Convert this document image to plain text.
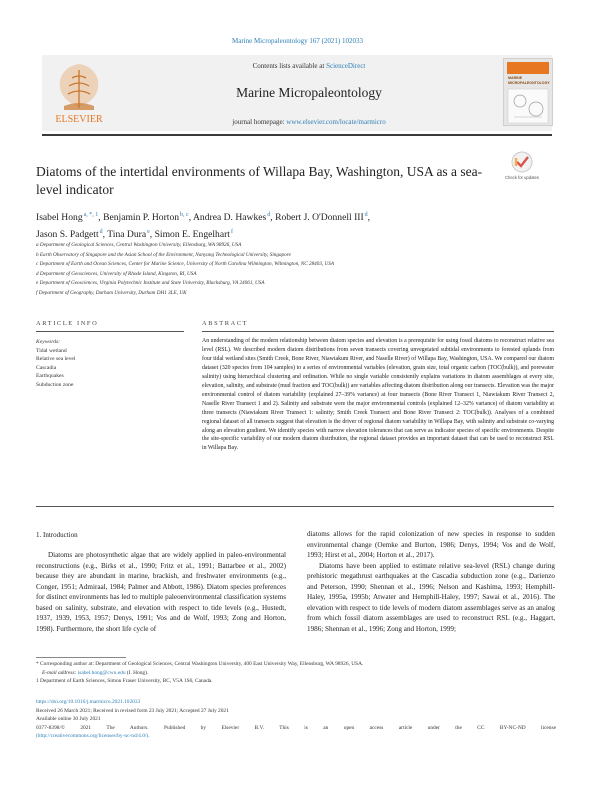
Marine Micropaleontology 167 (2021) 102033
ELSEVIER
Contents lists available at ScienceDirect
Marine Micropaleontology
journal homepage: www.elsevier.com/locate/marmicro
MARINE MICROPALEONTOLOGY
Diatoms of the intertidal environments of Willapa Bay, Washington, USA as a sea-level indicator
Check for updates
Isabel Hong$^{a, *, 1}$, Benjamin P. Horton$^{b, c}$, Andrea D. Hawkes$^d$, Robert J. O'Donnell III$^d$,
Jason S. Padgett$^d$, Tina Dura$^e$, Simon E. Engelhart$^f$
a Department of Geological Sciences, Central Washington University, Ellensburg, WA 98926, USA
b Earth Observatory of Singapore and the Asian School of the Environment, Nanyang Technological University, Singapore
c Department of Earth and Ocean Sciences, Center for Marine Science, University of North Carolina Wilmington, Wilmington, NC 28403, USA
d Department of Geosciences, University of Rhode Island, Kingston, RI, USA
e Department of Geosciences, Virginia Polytechnic Institute and State University, Blacksburg, VA 24061, USA
f Department of Geography, Durham University, Durham DH1 3LE, UK
ARTICLE INFO	ABSTRACT
Keywords:
Tidal wetland
Relative sea level
Cascadia
Earthquakes
Subduction zone
An understanding of the modern relationship between diatom species and elevation is a prerequisite for using fossil diatoms to reconstruct relative sea level (RSL). We described modern diatom distributions from seven transects covering unvegetated subtidal environments to forested uplands from four tidal wetland sites (Smith Creek, Bone River, Niawiakum River, and Naselle River) of Willapa Bay, Washington, USA. We compared our diatom dataset (320 species from 104 samples) to a series of environmental variables (elevation, grain size, total organic carbon (TOC(bulk)), and porewater salinity) using hierarchical clustering and ordination. While no single variable consistently explains variations in diatom assemblages at every site, elevation, salinity, and substrate (mud fraction and TOC(bulk)) are variables affecting diatom distribution along our transects. Elevation was the major environmental control of diatom variability (explained 27–39% variance) at four transects (Bone River Transect 1, Niawiakum River Transect 2, Naselle River Transect 1 and 2). Salinity and substrate were the major environmental controls (explained 12–32% variance) of diatom variability at three transects (Niawiakum River Transect 1: salinity; Smith Creek Transect and Bone River Transect 2: TOC(bulk)). Analyses of a combined regional dataset of all transects suggest that elevation is the driver of regional diatom variability in Willapa Bay, with salinity and substrate co-varying along an elevation gradient. We identify species with narrow elevation tolerances that can serve as indicator species of specific environments. Despite the site-specific variability of our modern diatom distribution, the regional dataset provides an important dataset that can be used to reconstruct RSL in Willapa Bay.
1. Introduction

Diatoms are photosynthetic algae that are widely applied in paleo-environmental reconstructions (e.g., Birks et al., 1990; Fritz et al., 1991; Battarbee et al., 2002) because they are abundant in marine, brackish, and freshwater environments (e.g., Conger, 1951; Admiraal, 1984; Palmer and Abbott, 1986). Diatom species preferences for distinct environments has led to multiple paleoenvironmental classification systems based on salinity, substrate, and elevation with respect to tide levels (e.g., Hustedt, 1937, 1939, 1953, 1957; Denys, 1991; Vos and de Wolf, 1993; Zong and Horton, 1998). Furthermore, the short life cycle of

diatoms allows for the rapid colonization of new species in response to sudden environmental change (Oemke and Burton, 1986; Denys, 1994; Vos and de Wolf, 1993; Hirst et al., 2004; Horton et al., 2017).

Diatoms have been applied to estimate relative sea-level (RSL) change during prehistoric megathrust earthquakes at the Cascadia subduction zone (e.g., Darienzo and Peterson, 1990; Shennan et al., 1996; Nelson and Kashima, 1993; Hemphill-Haley, 1995a, 1995b; Atwater and Hemphill-Haley, 1997; Sawai et al., 2016). The elevation with respect to tide levels of modern diatom assemblages serve as an analog from which fossil diatom assemblages are used to reconstruct RSL (e.g., Haggart, 1986; Shennan et al., 1996; Zong and Horton, 1999;

* Corresponding author at: Department of Geological Sciences, Central Washington University, 400 East University Way, Ellensburg, WA 98926, USA.
E-mail address: isabel.hong@cwu.edu (I. Hong).
1 Department of Earth Sciences, Simon Fraser University, BC, V5A 1S6, Canada.
https://doi.org/10.1016/j.marmicro.2021.102033
Received 26 March 2021; Received in revised form 23 July 2021; Accepted 27 July 2021
Available online 30 July 2021
0377-8398/© 2021 The Authors. Published by Elsevier B.V. This is an open access article under the CC BY-NC-ND license
(http://creativecommons.org/licenses/by-nc-nd/4.0/).
